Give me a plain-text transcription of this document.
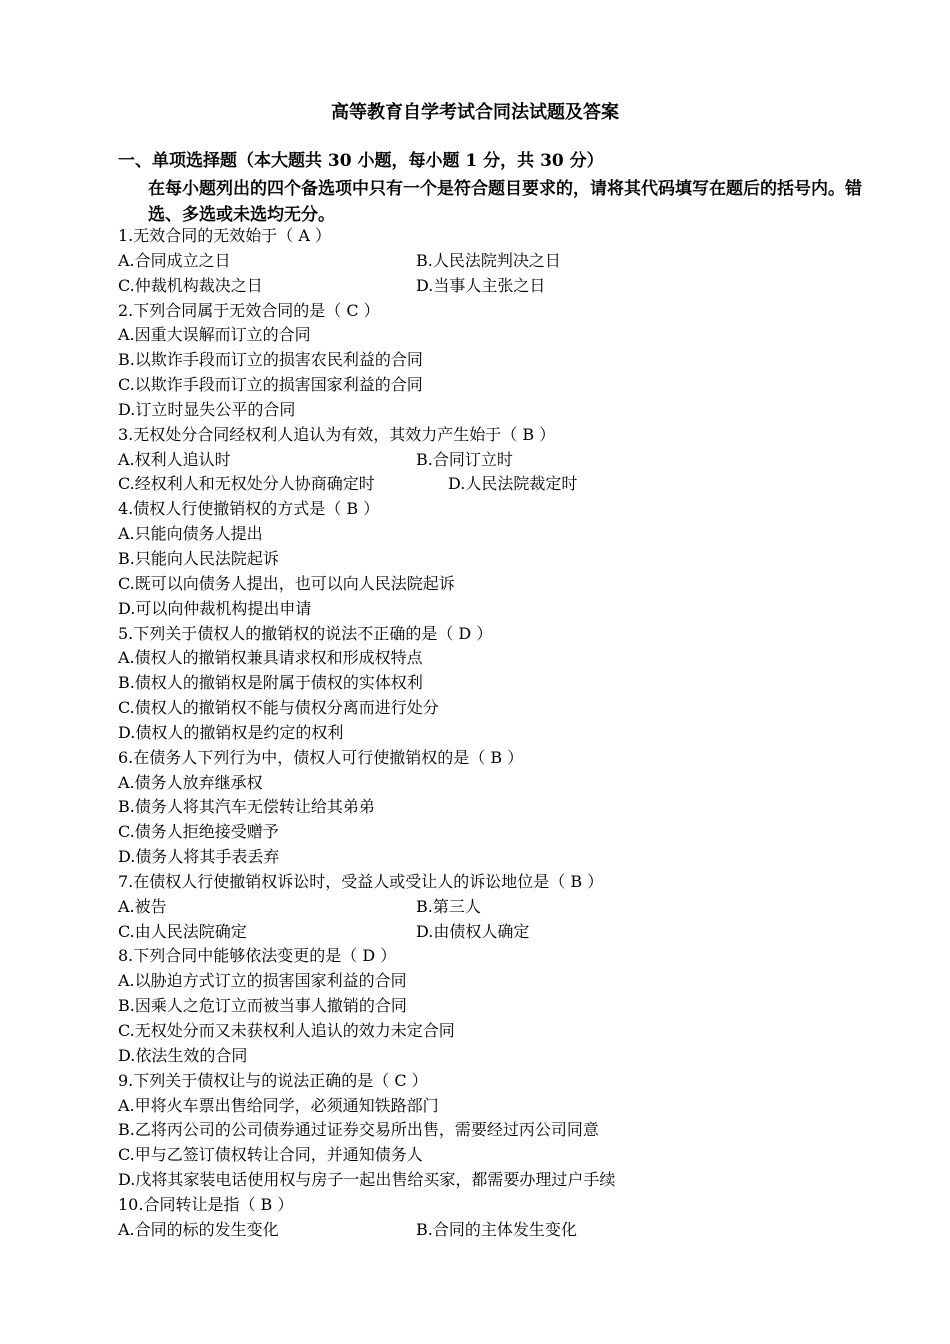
高等教育自学考试合同法试题及答案
一、单项选择题（本大题共 30 小题，每小题 1 分，共 30 分）
在每小题列出的四个备选项中只有一个是符合题目要求的，请将其代码填写在题后的括号内。错选、多选或未选均无分。
1.无效合同的无效始于（ A ）
A.合同成立之日	B.人民法院判决之日
C.仲裁机构裁决之日	D.当事人主张之日
2.下列合同属于无效合同的是（ C ）
A.因重大误解而订立的合同
B.以欺诈手段而订立的损害农民利益的合同
C.以欺诈手段而订立的损害国家利益的合同
D.订立时显失公平的合同
3.无权处分合同经权利人追认为有效，其效力产生始于（ B ）
A.权利人追认时	B.合同订立时
C.经权利人和无权处分人协商确定时	D.人民法院裁定时
4.债权人行使撤销权的方式是（ B ）
A.只能向债务人提出
B.只能向人民法院起诉
C.既可以向债务人提出，也可以向人民法院起诉
D.可以向仲裁机构提出申请
5.下列关于债权人的撤销权的说法不正确的是（ D ）
A.债权人的撤销权兼具请求权和形成权特点
B.债权人的撤销权是附属于债权的实体权利
C.债权人的撤销权不能与债权分离而进行处分
D.债权人的撤销权是约定的权利
6.在债务人下列行为中，债权人可行使撤销权的是（ B ）
A.债务人放弃继承权
B.债务人将其汽车无偿转让给其弟弟
C.债务人拒绝接受赠予
D.债务人将其手表丢弃
7.在债权人行使撤销权诉讼时，受益人或受让人的诉讼地位是（ B ）
A.被告	B.第三人
C.由人民法院确定	D.由债权人确定
8.下列合同中能够依法变更的是（ D ）
A.以胁迫方式订立的损害国家利益的合同
B.因乘人之危订立而被当事人撤销的合同
C.无权处分而又未获权利人追认的效力未定合同
D.依法生效的合同
9.下列关于债权让与的说法正确的是（ C ）
A.甲将火车票出售给同学，必须通知铁路部门
B.乙将丙公司的公司债券通过证券交易所出售，需要经过丙公司同意
C.甲与乙签订债权转让合同，并通知债务人
D.戊将其家装电话使用权与房子一起出售给买家，都需要办理过户手续
10.合同转让是指（ B ）
A.合同的标的发生变化	B.合同的主体发生变化
